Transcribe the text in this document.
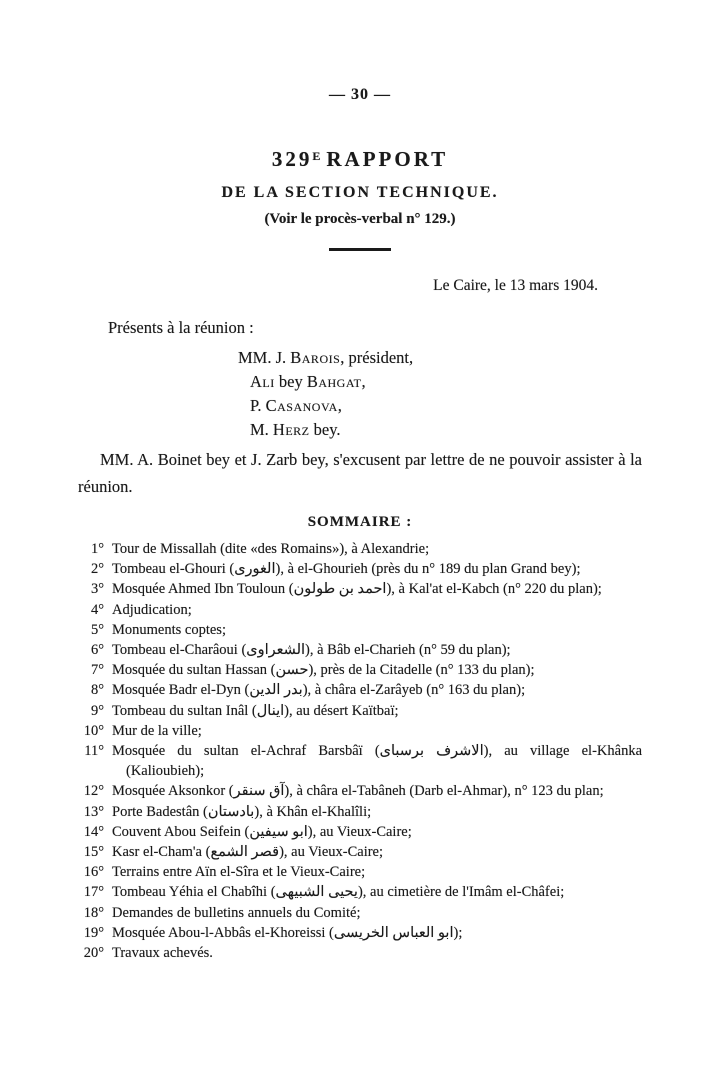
— 30 —
$329^E$ RAPPORT
DE LA SECTION TECHNIQUE.
(Voir le procès-verbal n° 129.)
Le Caire, le 13 mars 1904.
Présents à la réunion :
MM. J. Barois, président,
Ali bey Bahgat,
P. Casanova,
M. Herz bey.

MM. A. Boinet bey et J. Zarb bey, s'excusent par lettre de ne pouvoir assister à la réunion.

SOMMAIRE :
1° Tour de Missallah (dite «des Romains»), à Alexandrie;
2° Tombeau el-Ghouri (الغورى), à el-Ghourieh (près du n° 189 du plan Grand bey);
3° Mosquée Ahmed Ibn Touloun (احمد بن طولون), à Kal'at el-Kabch (n° 220 du plan);
4° Adjudication;
5° Monuments coptes;
6° Tombeau el-Charâoui (الشعراوى), à Bâb el-Charieh (n° 59 du plan);
7° Mosquée du sultan Hassan (حسن), près de la Citadelle (n° 133 du plan);
8° Mosquée Badr el-Dyn (بدر الدين), à châra el-Zarâyeb (n° 163 du plan);
9° Tombeau du sultan Inâl (اينال), au désert Kaïtbaï;
10° Mur de la ville;
11° Mosquée du sultan el-Achraf Barsbâï (الاشرف برسباى), au village el-Khânka
(Kalioubieh);
12° Mosquée Aksonkor (آق سنقر), à châra el-Tabâneh (Darb el-Ahmar), n° 123 du plan;
13° Porte Badestân (بادستان), à Khân el-Khalîli;
14° Couvent Abou Seifein (ابو سيفين), au Vieux-Caire;
15° Kasr el-Cham'a (قصر الشمع), au Vieux-Caire;
16° Terrains entre Aïn el-Sîra et le Vieux-Caire;
17° Tombeau Yéhia el Chabîhi (يحيى الشبيهى), au cimetière de l'Imâm el-Châfei;
18° Demandes de bulletins annuels du Comité;
19° Mosquée Abou-l-Abbâs el-Khoreissi (ابو العباس الخريسى);
20° Travaux achevés.
